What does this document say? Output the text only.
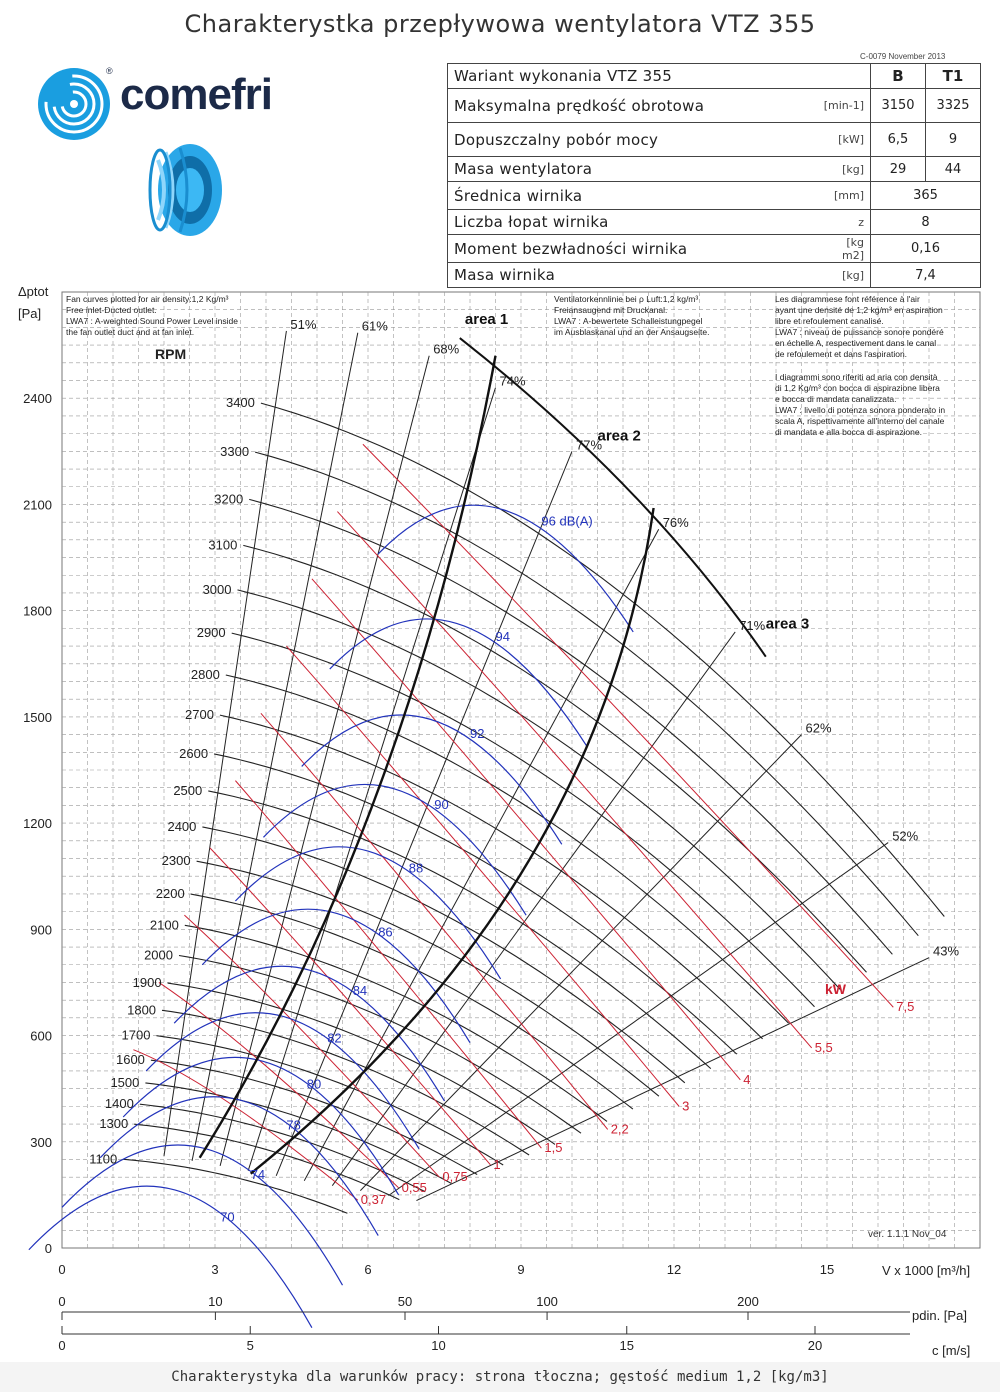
Charakterystka przepływowa wentylatora VTZ 355
comefri
®
C-0079 November 2013
Wariant wykonania VTZ 355		B	T1
Maksymalna prędkość obrotowa	[min-1]	3150	3325
Dopuszczalny pobór mocy	[kW]	6,5	9
Masa wentylatora	[kg]	29	44
Średnica wirnika	[mm]	365	
Liczba łopat wirnika	z	8	
Moment bezwładności wirnika	[kg m2]	0,16	
Masa wirnika	[kg]	7,4	
0	3	6	9	12	15
0
300
600
900
1200
1500
1800
2100
2400
1100
1300
1400
1500
1600
1700
1800
1900
2000
2100
2200
2300
2400
2500
2600
2700
2800
2900
3000
3100
3200
3300
3400
51%	61%
68%
74%
77%
76%
71%
62%
52%
43%
0,37
0,55
0,75
1
1,5
2,2
3
4
5,5
7,5
96 dB(A)
94
92
90
88
86
84
82
80
78
74
70
area 1
area 2
area 3
Δptot
[Pa]
V x 1000 [m³/h]
RPM
kW
ver. 1.1.1 Nov_04
Fan curves plotted for air density:1,2 Kg/m³
Free inlet-Ducted outlet.
LWA7 : A-weighted Sound Power Level inside
the fan outlet duct and at fan inlet.
Ventilatorkennlinie bei ρ Luft:1,2 kg/m³
Freiansaugend mit Druckanal.
LWA7 : A-bewertete Schalleistungpegel
im Ausblaskanal und an der Ansaugseite.
Les diagrammese font référence à l'air
ayant une densité de 1,2 kg/m³ en aspiration
libre et refoulement canalisé.
LWA7 : niveau de puissance sonore pondéré
en échelle A, respectivement dans le canal
de refoulement et dans l'aspiration.
I diagrammi sono riferiti ad aria con densità
di 1,2 Kg/m³ con bocca di aspirazione libera
e bocca di mandata canalizzata.
LWA7 : livello di potenza sonora ponderato in
scala A, rispettivamente all'interno del canale
di mandata e alla bocca di aspirazione.
0	10	50	100	200
0	5	10	15	20
pdin. [Pa]
c [m/s]
Charakterystyka dla warunków pracy: strona tłoczna; gęstość medium 1,2 [kg/m3]
